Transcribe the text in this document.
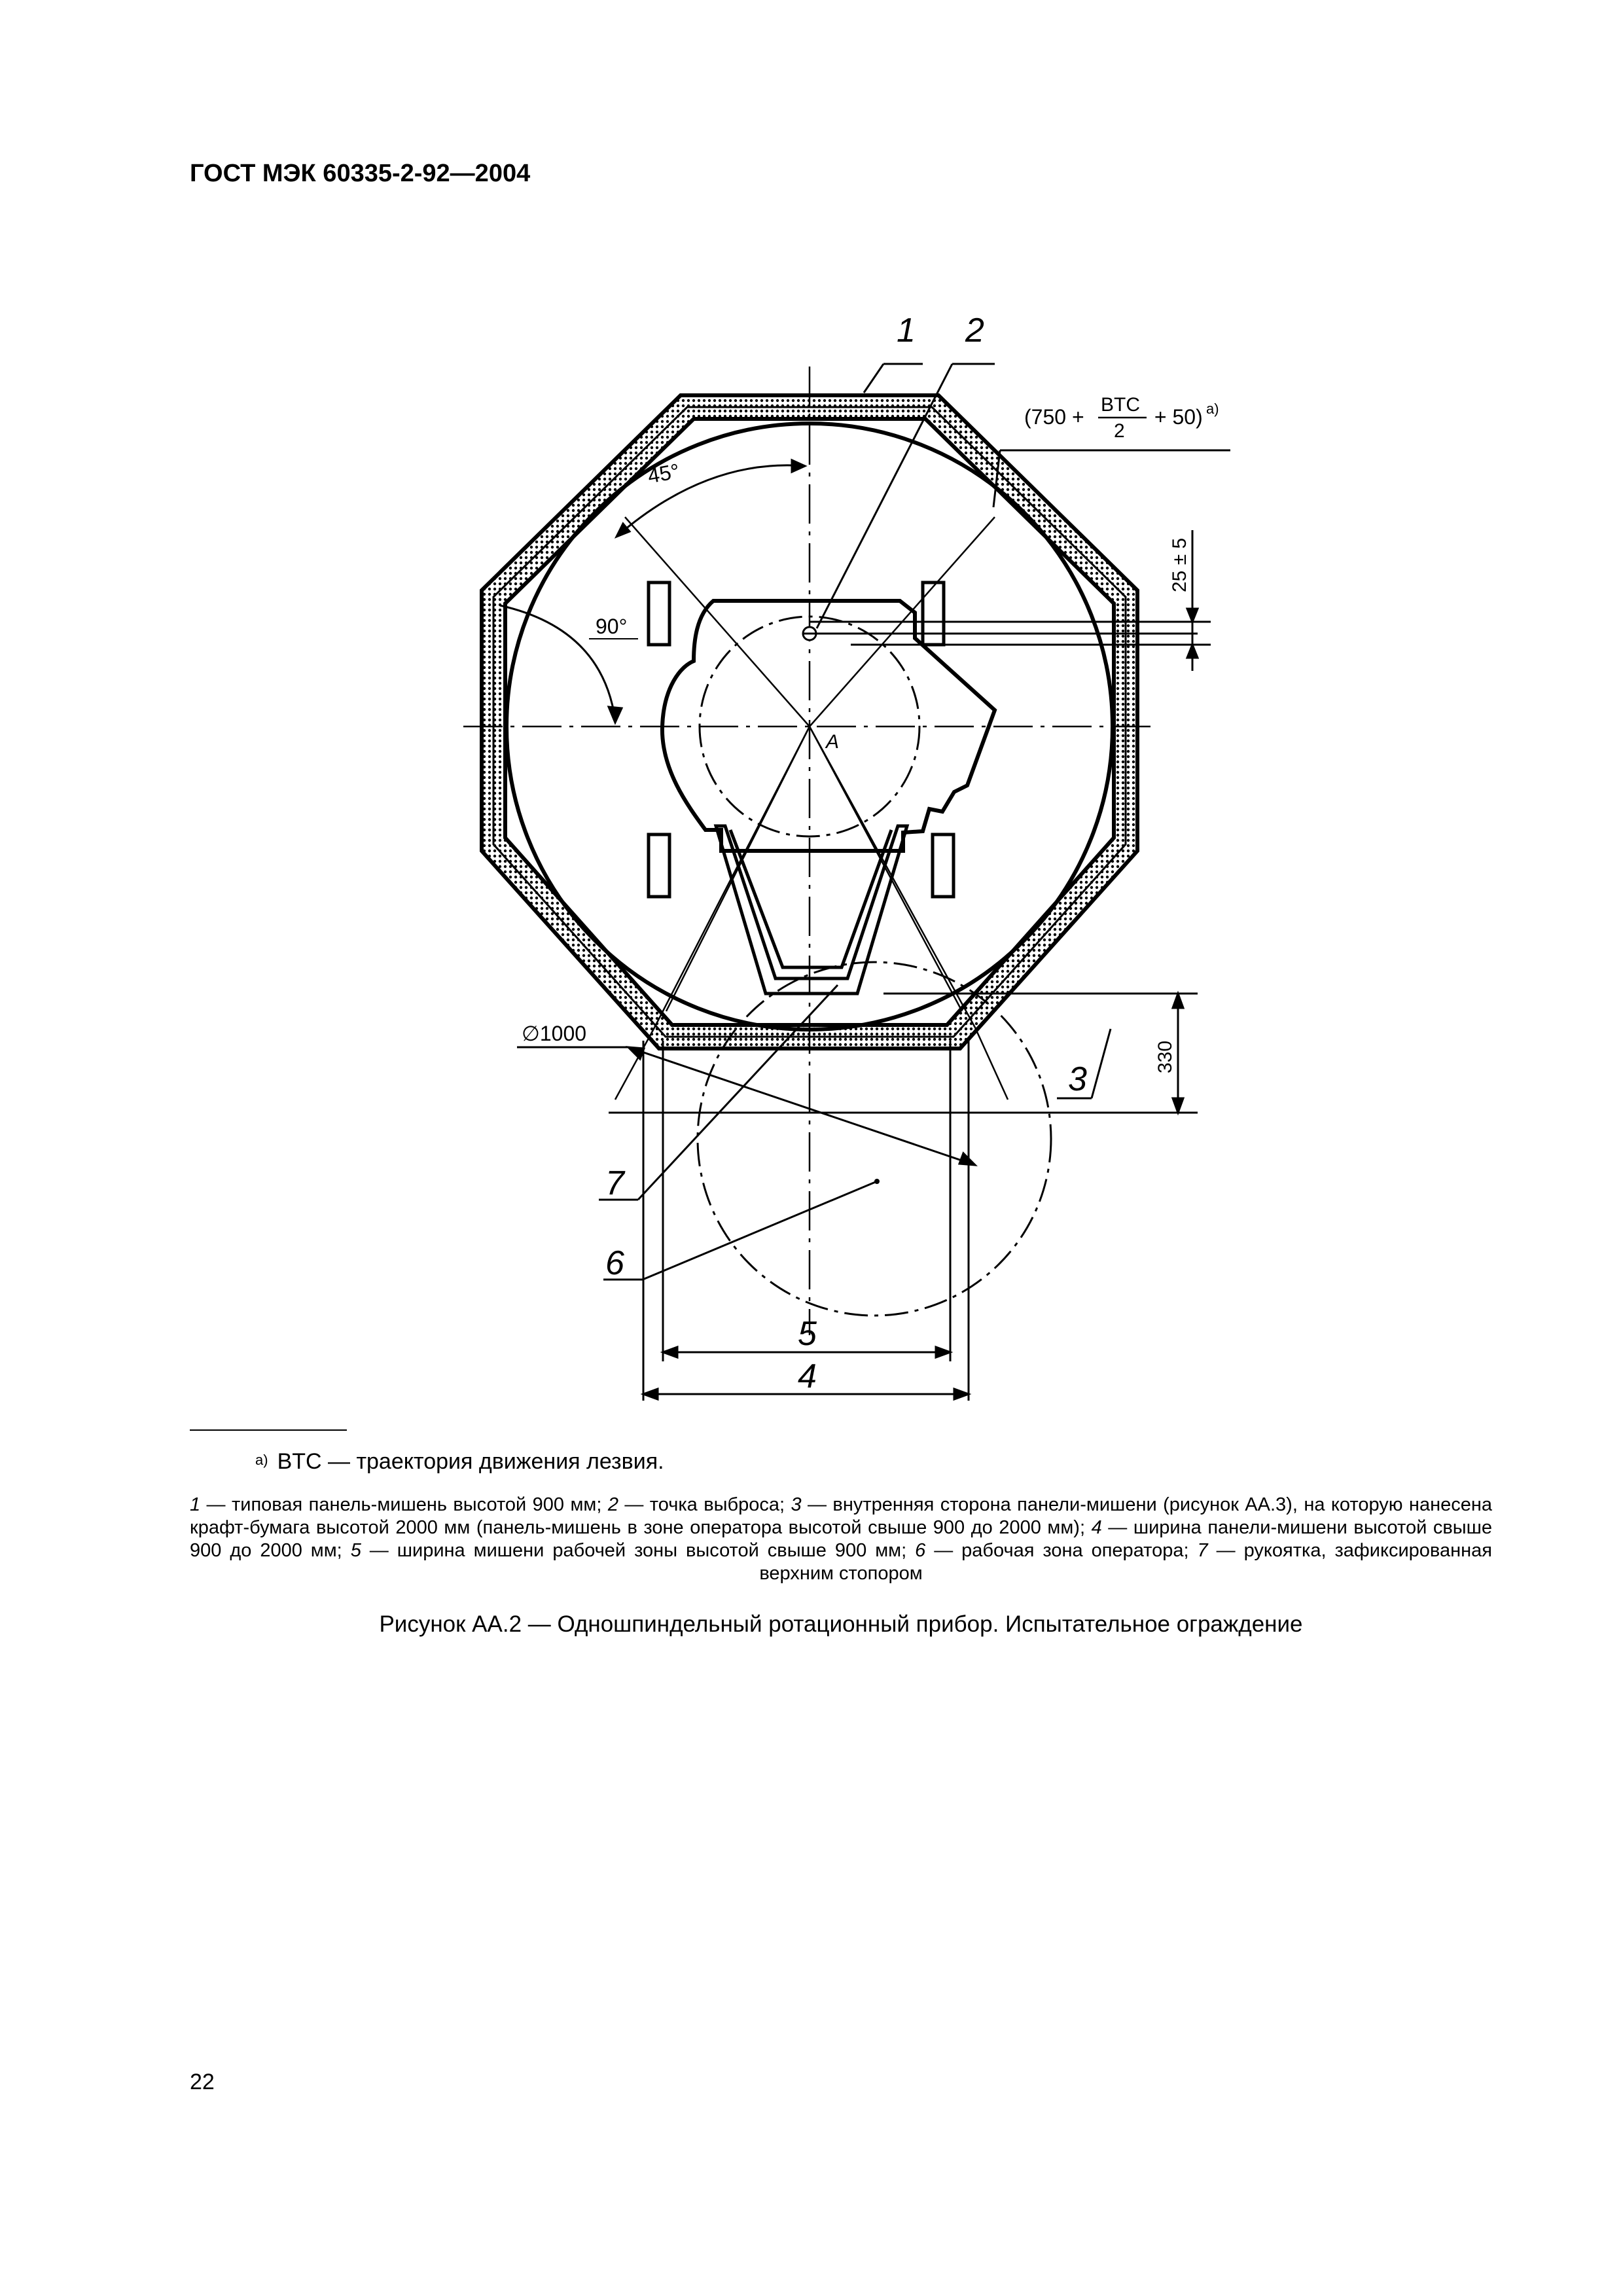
ГОСТ МЭК 60335-2-92—2004
45°
90°
A
(750 +
BTC
2
+ 50) a)
25 ± 5
330
∅1000
1 2
3
7
6
5
4
$^{a)}$ BTC — траектория движения лезвия.
1 — типовая панель-мишень высотой 900 мм; 2 — точка выброса; 3 — внутренняя сторона панели-мишени (рисунок АА.3), на которую нанесена крафт-бумага высотой 2000 мм (панель-мишень в зоне оператора высотой свыше 900 до 2000 мм); 4 — ширина панели-мишени высотой свыше 900 до 2000 мм; 5 — ширина мишени рабочей зоны высотой свыше 900 мм; 6 — рабочая зона оператора; 7 — рукоятка, зафиксированная верхним стопором
Рисунок АА.2 — Одношпиндельный ротационный прибор. Испытательное ограждение
22
